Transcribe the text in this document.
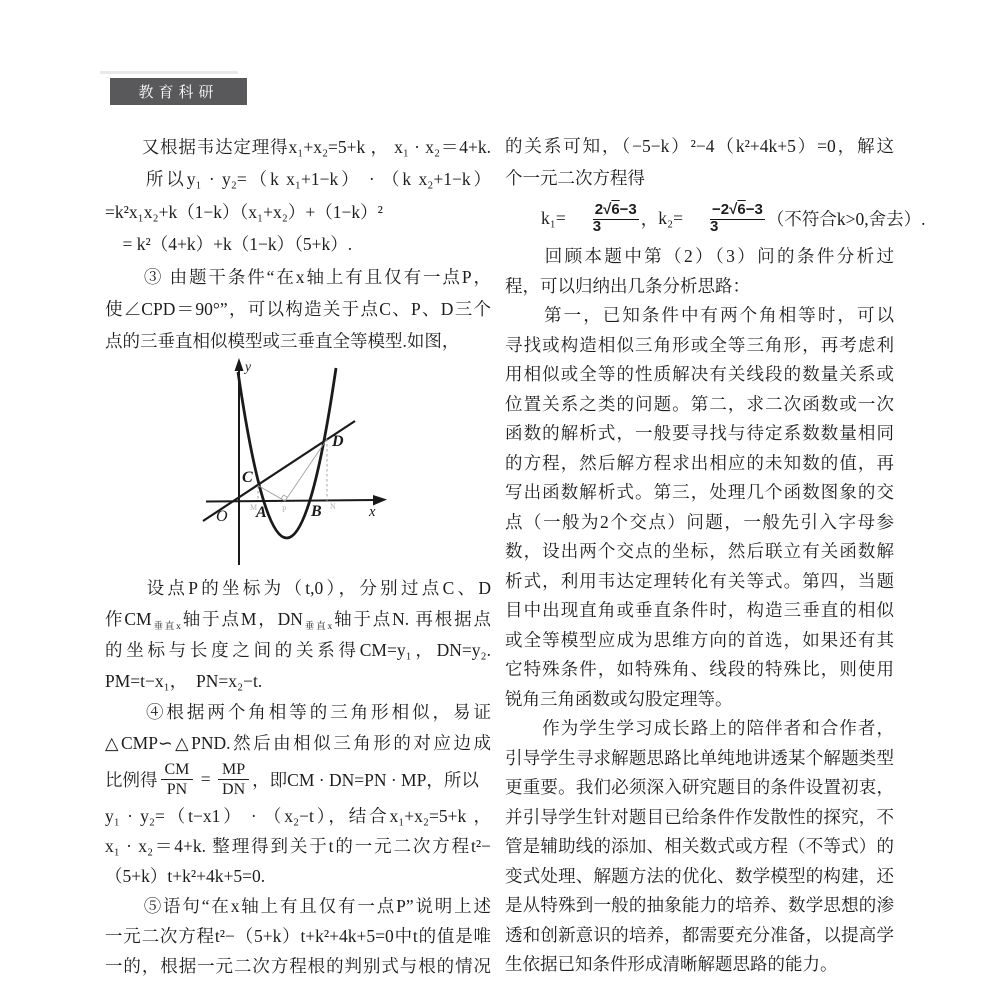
教育科研
　　又根据韦达定理得x₁+x₂=5+k ， x₁ · x₂＝4+k.
　　所以y₁ · y₂=（k x₁+1−k） · （k x₂+1−k）
=k²x₁x₂+k（1−k）（x₁+x₂）+（1−k）²
　= k²（4+k）+k（1−k）（5+k）.
　　③ 由题干条件“在x轴上有且仅有一点P，
使∠CPD＝90°”，可以构造关于点C、P、D三个
点的三垂直相似模型或三垂直全等模型.如图，
y
x
O A	B
C
D
M	P	N
　　设点P的坐标为（t,0），分别过点C、D
作$CM_{垂直x}$轴于点M，$DN_{垂直x}$轴于点N. 再根据点
的坐标与长度之间的关系得CM=y₁，DN=y₂.
PM=t−x₁，　PN=x₂−t.
　　④根据两个角相等的三角形相似，易证
△CMP∽△PND.然后由相似三角形的对应边成
比例得 $\frac{CM}{PN} = \frac{MP}{DN}$ ，即CM · DN=PN · MP，所以
y₁ · y₂=（t−x1） · （x₂−t），结合x₁+x₂=5+k ，
x₁ · x₂＝4+k. 整理得到关于t的一元二次方程t²−
（5+k）t+k²+4k+5=0.
　　⑤语句“在x轴上有且仅有一点P”说明上述
一元二次方程t²−（5+k）t+k²+4k+5=0中t的值是唯
一的，根据一元二次方程根的判别式与根的情况
的关系可知，（−5−k）²−4（k²+4k+5）=0，解这
个一元二次方程得
$k_1= \frac{2√6-3}{3}$
， $k_2= \frac{-2√6-3}{3}$
（不符合k>0,舍去）.
　　回顾本题中第（2）（3）问的条件分析过
程，可以归纳出几条分析思路：
　　第一，已知条件中有两个角相等时，可以
寻找或构造相似三角形或全等三角形，再考虑利
用相似或全等的性质解决有关线段的数量关系或
位置关系之类的问题。第二，求二次函数或一次
函数的解析式，一般要寻找与待定系数数量相同
的方程，然后解方程求出相应的未知数的值，再
写出函数解析式。第三，处理几个函数图象的交
点（一般为2个交点）问题，一般先引入字母参
数，设出两个交点的坐标，然后联立有关函数解
析式，利用韦达定理转化有关等式。第四，当题
目中出现直角或垂直条件时，构造三垂直的相似
或全等模型应成为思维方向的首选，如果还有其
它特殊条件，如特殊角、线段的特殊比，则使用
锐角三角函数或勾股定理等。
　　作为学生学习成长路上的陪伴者和合作者，
引导学生寻求解题思路比单纯地讲透某个解题类型
更重要。我们必须深入研究题目的条件设置初衷，
并引导学生针对题目已给条件作发散性的探究，不
管是辅助线的添加、相关数式或方程（不等式）的
变式处理、解题方法的优化、数学模型的构建，还
是从特殊到一般的抽象能力的培养、数学思想的渗
透和创新意识的培养，都需要充分准备，以提高学
生依据已知条件形成清晰解题思路的能力。
